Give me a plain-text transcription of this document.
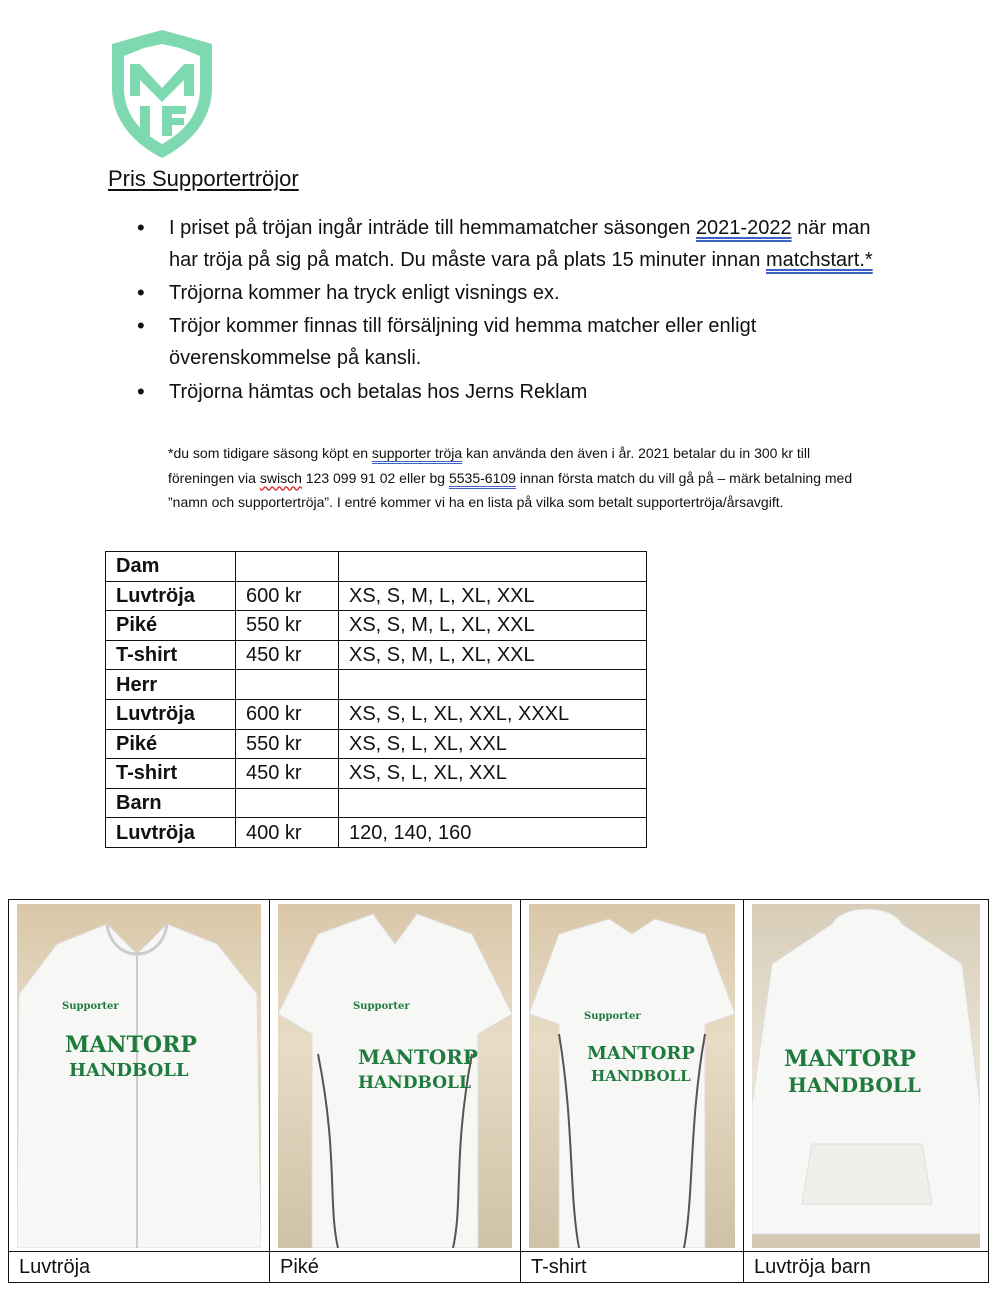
Pris Supportertröjor
• I priset på tröjan ingår inträde till hemmamatcher säsongen 2021-2022 när man har tröja på sig på match. Du måste vara på plats 15 minuter innan matchstart.*
• Tröjorna kommer ha tryck enligt visnings ex.
• Tröjor kommer finnas till försäljning vid hemma matcher eller enligt överenskommelse på kansli.
• Tröjorna hämtas och betalas hos Jerns Reklam
*du som tidigare säsong köpt en supporter tröja kan använda den även i år. 2021 betalar du in 300 kr till föreningen via swisch 123 099 91 02 eller bg 5535-6109 innan första match du vill gå på – märk betalning med ”namn och supportertröja”. I entré kommer vi ha en lista på vilka som betalt supportertröja/årsavgift.
Dam		
Luvtröja	600 kr	XS, S, M, L, XL, XXL
Piké	550 kr	XS, S, M, L, XL, XXL
T-shirt	450 kr	XS, S, M, L, XL, XXL
Herr		
Luvtröja	600 kr	XS, S, L, XL, XXL, XXXL
Piké	550 kr	XS, S, L, XL, XXL
T-shirt	450 kr	XS, S, L, XL, XXL
Barn		
Luvtröja	400 kr	120, 140, 160
Supporter
MANTORP
HANDBOLL
Luvtröja
Supporter
MANTORP
HANDBOLL
Piké
Supporter
MANTORP
HANDBOLL
T-shirt
MANTORP
HANDBOLL
Luvtröja barn
